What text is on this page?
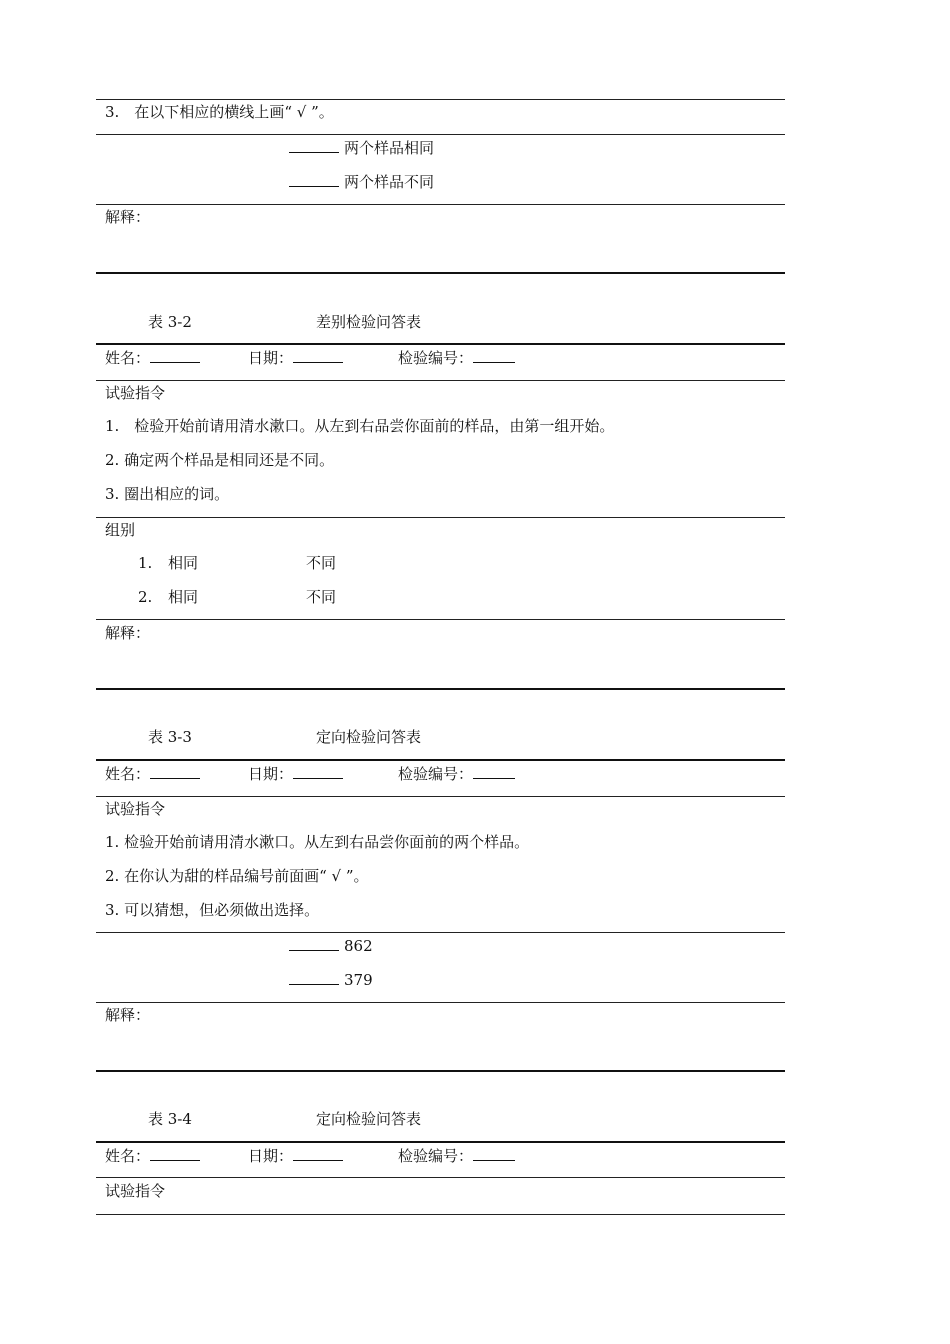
3.　在以下相应的横线上画“ √ ”。
两个样品相同
两个样品不同
解释：
表 3-2	差别检验问答表
姓名：	日期：	检验编号：
试验指令
1.　检验开始前请用清水漱口。从左到右品尝你面前的样品，由第一组开始。
2. 确定两个样品是相同还是不同。
3. 圈出相应的词。
组别
1. 相同	不同
2. 相同	不同
解释：
表 3-3	定向检验问答表
姓名：	日期：	检验编号：
试验指令
1. 检验开始前请用清水漱口。从左到右品尝你面前的两个样品。
2. 在你认为甜的样品编号前面画“ √ ”。
3. 可以猜想，但必须做出选择。
862
379
解释：
表 3-4	定向检验问答表
姓名：	日期：	检验编号：
试验指令
